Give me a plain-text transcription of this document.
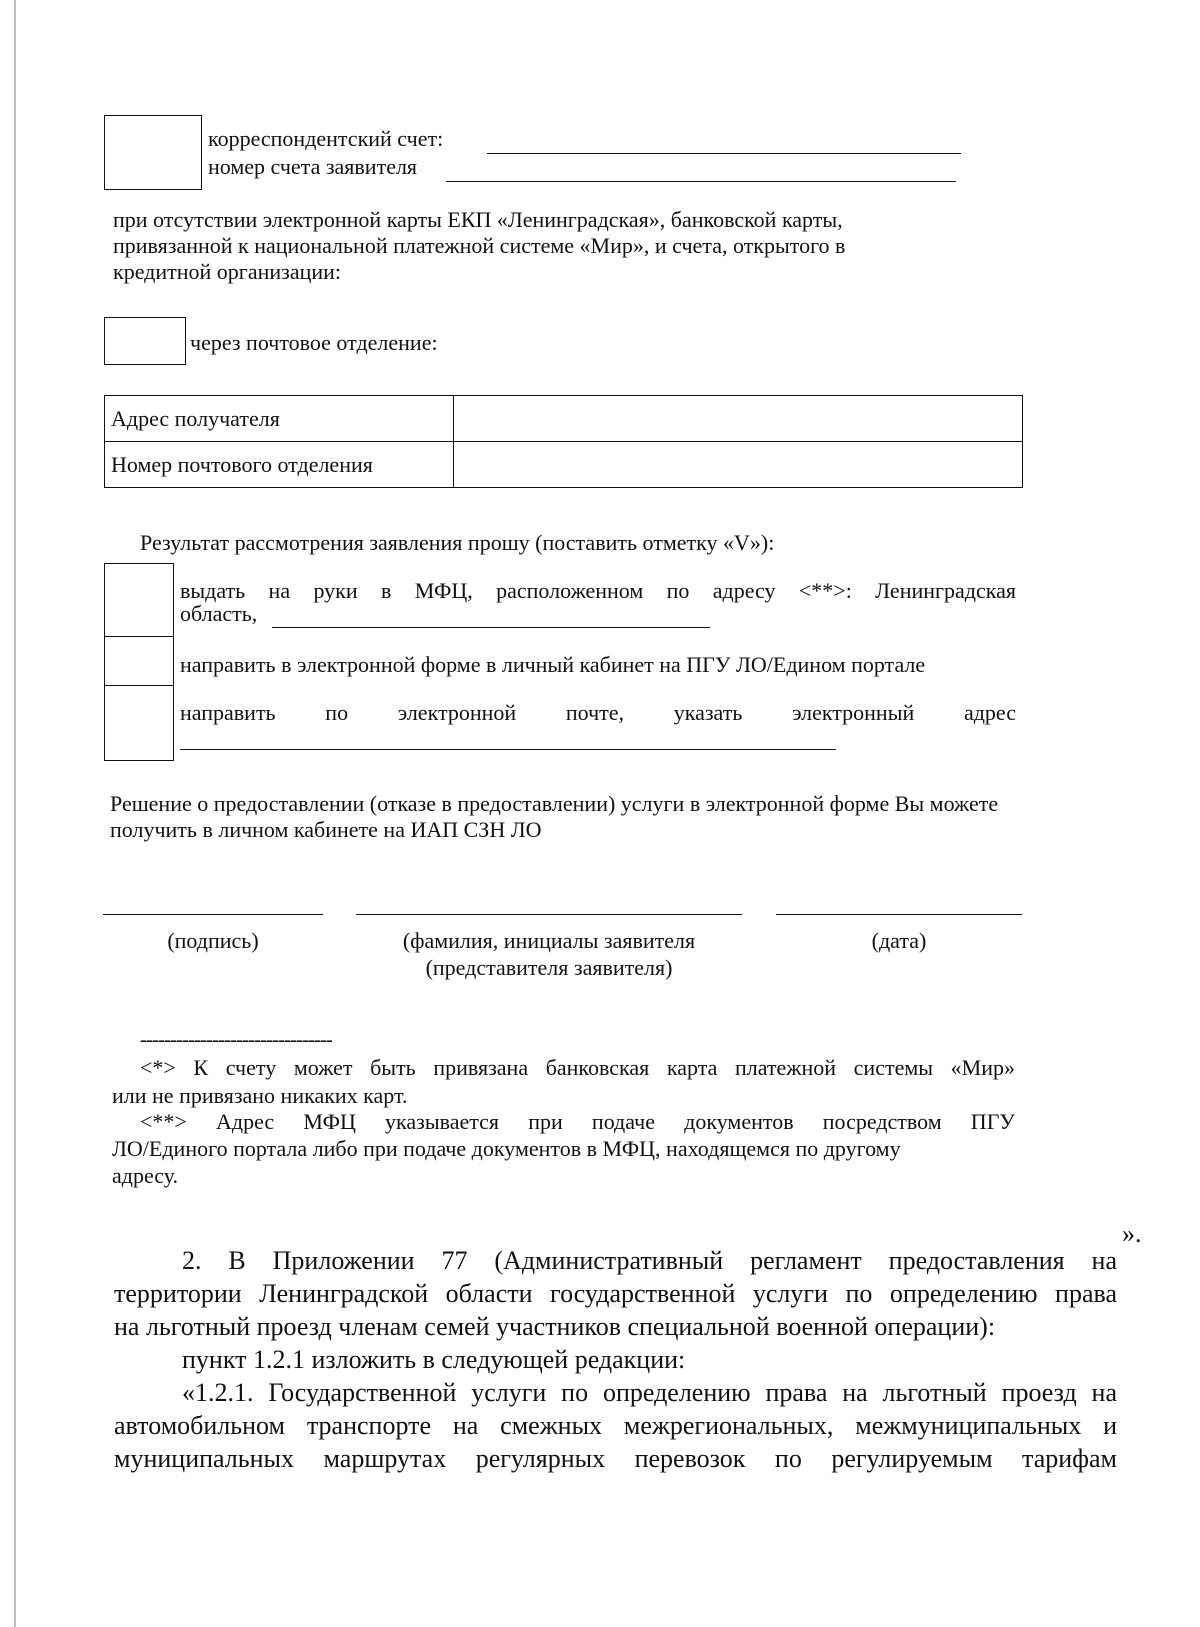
корреспондентский счет:
номер счета заявителя
при отсутствии электронной карты ЕКП «Ленинградская», банковской карты,
привязанной к национальной платежной системе «Мир», и счета, открытого в
кредитной организации:
через почтовое отделение:
Адрес получателя	
Номер почтового отделения	
Результат рассмотрения заявления прошу (поставить отметку «V»):
выдать на руки в МФЦ, расположенном по адресу <**>: Ленинградская
область,
направить в электронной форме в личный кабинет на ПГУ ЛО/Едином портале
направить по электронной почте, указать электронный адрес
Решение о предоставлении (отказе в предоставлении) услуги в электронной форме Вы можете
получить в личном кабинете на ИАП СЗН ЛО
(подпись)	(фамилия, инициалы заявителя
(представителя заявителя)
(дата)
--------------------------------
<*> К счету может быть привязана банковская карта платежной системы «Мир»
или не привязано никаких карт.
<**> Адрес МФЦ указывается при подаче документов посредством ПГУ
ЛО/Единого портала либо при подаче документов в МФЦ, находящемся по другому
адресу.
».
2. В Приложении 77 (Административный регламент предоставления на
территории Ленинградской области государственной услуги по определению права
на льготный проезд членам семей участников специальной военной операции):
пункт 1.2.1 изложить в следующей редакции:
«1.2.1. Государственной услуги по определению права на льготный проезд на
автомобильном транспорте на смежных межрегиональных, межмуниципальных и
муниципальных маршрутах регулярных перевозок по регулируемым тарифам
